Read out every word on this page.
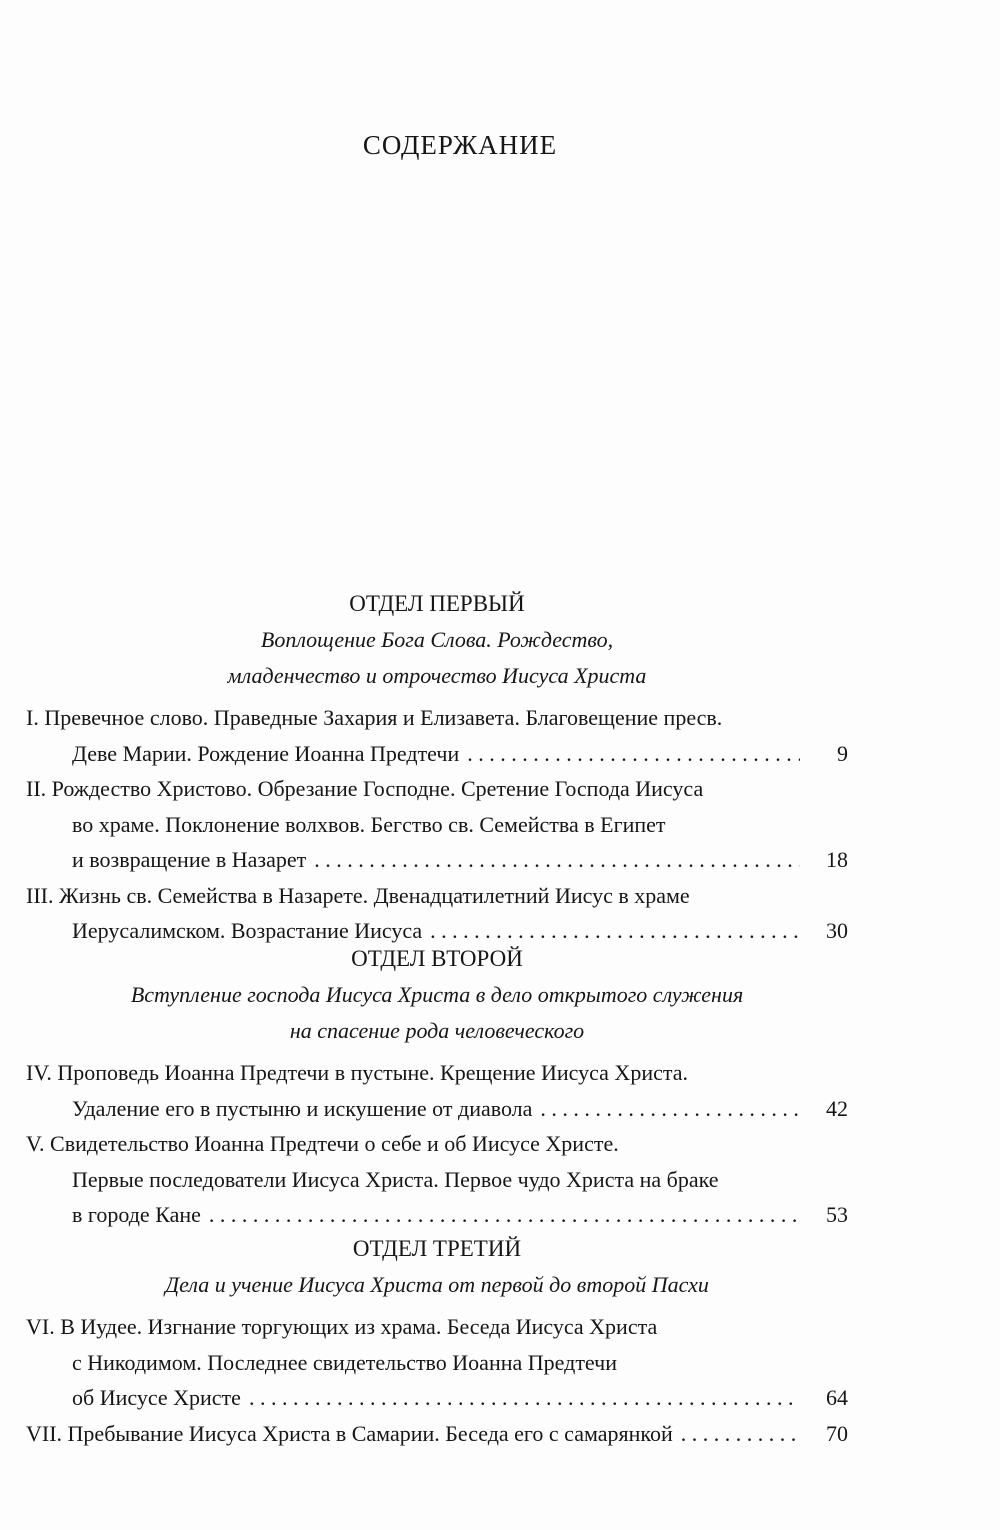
СОДЕРЖАНИЕ
ОТДЕЛ ПЕРВЫЙ
Воплощение Бога Слова. Рождество,
младенчество и отрочество Иисуса Христа
I. Превечное слово. Праведные Захария и Елизавета. Благовещение пресв.
Деве Марии. Рождение Иоанна Предтечи . . .	9
II. Рождество Христово. Обрезание Господне. Сретение Господа Иисуса
во храме. Поклонение волхвов. Бегство св. Семейства в Египет
и возвращение в Назарет . . .	18
III. Жизнь св. Семейства в Назарете. Двенадцатилетний Иисус в храме
Иерусалимском. Возрастание Иисуса . . .	30
ОТДЕЛ ВТОРОЙ
Вступление господа Иисуса Христа в дело открытого служения
на спасение рода человеческого
IV. Проповедь Иоанна Предтечи в пустыне. Крещение Иисуса Христа.
Удаление его в пустыню и искушение от диавола . . .	42
V. Свидетельство Иоанна Предтечи о себе и об Иисусе Христе.
Первые последователи Иисуса Христа. Первое чудо Христа на браке
в городе Кане . . .	53
ОТДЕЛ ТРЕТИЙ
Дела и учение Иисуса Христа от первой до второй Пасхи
VI. В Иудее. Изгнание торгующих из храма. Беседа Иисуса Христа
с Никодимом. Последнее свидетельство Иоанна Предтечи
об Иисусе Христе . . .	64
VII. Пребывание Иисуса Христа в Самарии. Беседа его с самарянкой . . .	70
